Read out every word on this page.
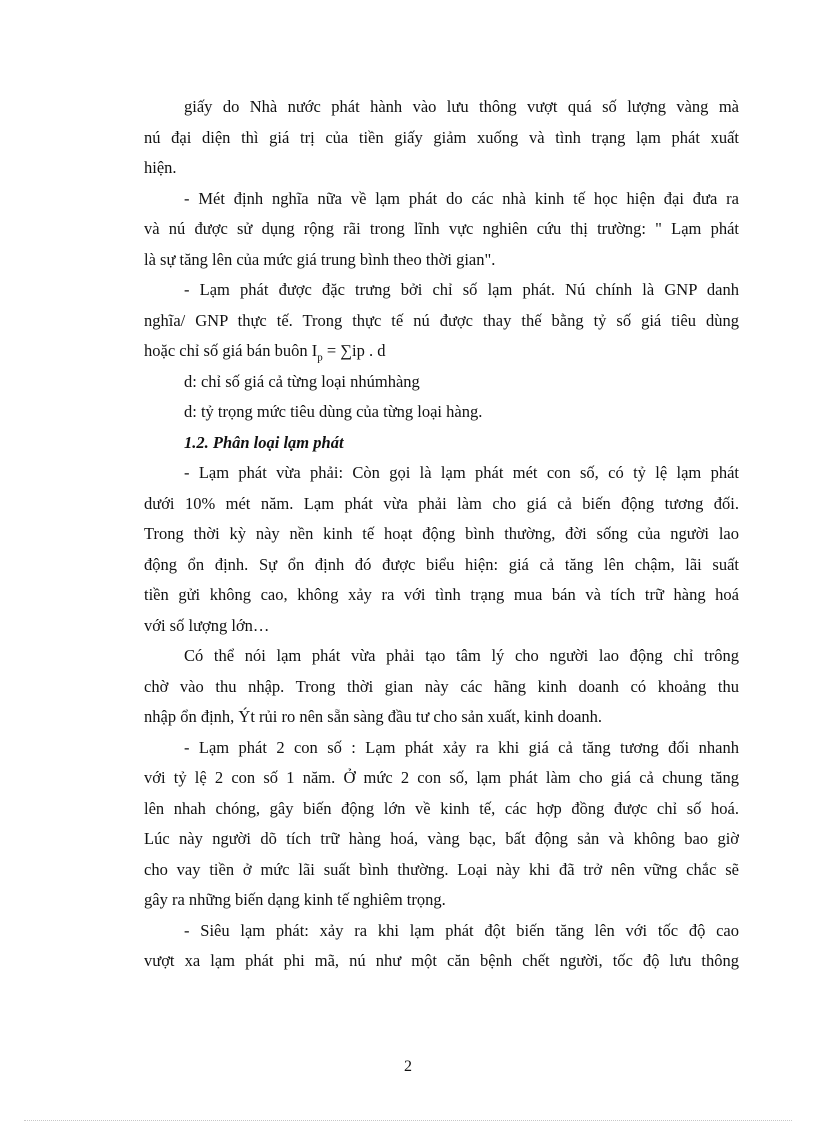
giấy do Nhà nước phát hành vào lưu thông vượt quá số lượng vàng mà
nú đại diện thì giá trị của tiền giấy giảm xuống và tình trạng lạm phát xuất
hiện.
- Mét định nghĩa nữa về lạm phát do các nhà kinh tế học hiện đại đưa ra
và nú được sử dụng rộng rãi trong lĩnh vực nghiên cứu thị trường: " Lạm phát
là sự tăng lên của mức giá trung bình theo thời gian".
- Lạm phát được đặc trưng bởi chỉ số lạm phát. Nú chính là GNP danh
nghĩa/ GNP thực tế. Trong thực tế nú được thay thế bằng tỷ số giá tiêu dùng
hoặc chỉ số giá bán buôn $I_p = \sum ip$ . d
d: chỉ số giá cả từng loại nhúmhàng
d: tỷ trọng mức tiêu dùng của từng loại hàng.
1.2. Phân loại lạm phát
- Lạm phát vừa phải: Còn gọi là lạm phát mét con số, có tỷ lệ lạm phát
dưới 10% mét năm. Lạm phát vừa phải làm cho giá cả biến động tương đối.
Trong thời kỳ này nền kinh tế hoạt động bình thường, đời sống của người lao
động ổn định. Sự ổn định đó được biểu hiện: giá cả tăng lên chậm, lãi suất
tiền gửi không cao, không xảy ra với tình trạng mua bán và tích trữ hàng hoá
với số lượng lớn…
Có thể nói lạm phát vừa phải tạo tâm lý cho người lao động chỉ trông
chờ vào thu nhập. Trong thời gian này các hãng kinh doanh có khoảng thu
nhập ổn định, Ýt rủi ro nên sẵn sàng đầu tư cho sản xuất, kinh doanh.
- Lạm phát 2 con số : Lạm phát xảy ra khi giá cả tăng tương đối nhanh
với tỷ lệ 2 con số 1 năm. Ở mức 2 con số, lạm phát làm cho giá cả chung tăng
lên nhah chóng, gây biến động lớn về kinh tế, các hợp đồng được chỉ số hoá.
Lúc này người dõ tích trữ hàng hoá, vàng bạc, bất động sản và không bao giờ
cho vay tiền ở mức lãi suất bình thường. Loại này khi đã trở nên vững chắc sẽ
gây ra những biến dạng kinh tế nghiêm trọng.
- Siêu lạm phát: xảy ra khi lạm phát đột biến tăng lên với tốc độ cao
vượt xa lạm phát phi mã, nú như một căn bệnh chết người, tốc độ lưu thông
2
